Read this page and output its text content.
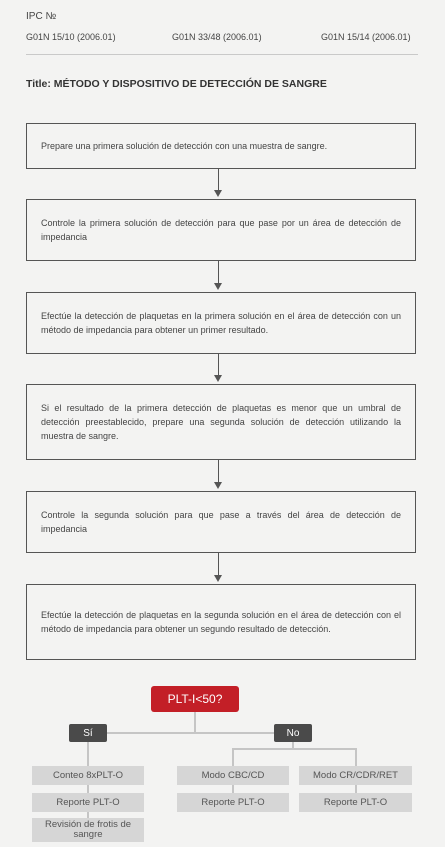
IPC №
G01N 15/10 (2006.01)	G01N 33/48 (2006.01)	G01N 15/14 (2006.01)
Title: MÉTODO Y DISPOSITIVO DE DETECCIÓN DE SANGRE
Prepare una primera solución de detección con una muestra de sangre.
Controle la primera solución de detección para que pase por un área de detección de impedancia
Efectúe la detección de plaquetas en la primera solución en el área de detección con un método de impedancia para obtener un primer resultado.
Si el resultado de la primera detección de plaquetas es menor que un umbral de detección preestablecido, prepare una segunda solución de detección utilizando la muestra de sangre.
Controle la segunda solución para que pase a través del área de detección de impedancia
Efectúe la detección de plaquetas en la segunda solución en el área de detección con el método de impedancia para obtener un segundo resultado de detección.
PLT-I<50?
Sí	No
Conteo 8xPLT-O
Reporte PLT-O
Revisión de frotis de sangre
Modo CBC/CD
Reporte PLT-O
Modo CR/CDR/RET
Reporte PLT-O
